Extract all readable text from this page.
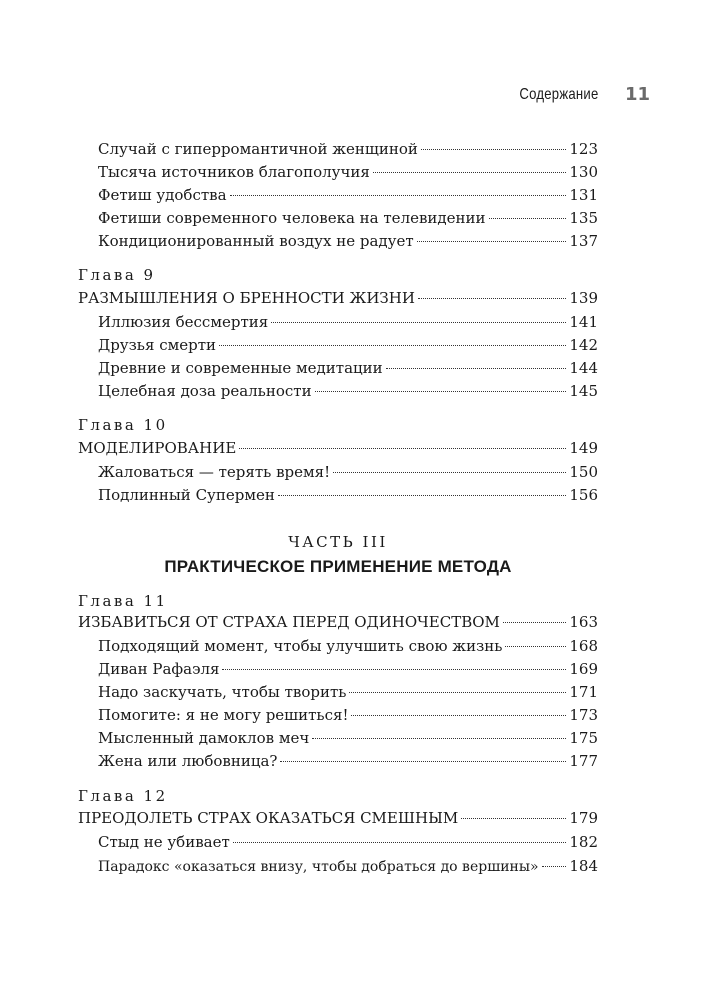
Содержание 11
Случай с гиперромантичной женщиной	123
Тысяча источников благополучия	130
Фетиш удобства	131
Фетиши современного человека на телевидении	135
Кондиционированный воздух не радует	137
Глава 9
РАЗМЫШЛЕНИЯ О БРЕННОСТИ ЖИЗНИ	139
Иллюзия бессмертия	141
Друзья смерти	142
Древние и современные медитации	144
Целебная доза реальности	145
Глава 10
МОДЕЛИРОВАНИЕ	149
Жаловаться — терять время!	150
Подлинный Супермен	156
ЧАСТЬ III
ПРАКТИЧЕСКОЕ ПРИМЕНЕНИЕ МЕТОДА
Глава 11
ИЗБАВИТЬСЯ ОТ СТРАХА ПЕРЕД ОДИНОЧЕСТВОМ	163
Подходящий момент, чтобы улучшить свою жизнь	168
Диван Рафаэля	169
Надо заскучать, чтобы творить	171
Помогите: я не могу решиться!	173
Мысленный дамоклов меч	175
Жена или любовница?	177
Глава 12
ПРЕОДОЛЕТЬ СТРАХ ОКАЗАТЬСЯ СМЕШНЫМ	179
Стыд не убивает	182
Парадокс «оказаться внизу, чтобы добраться до вершины» 184
